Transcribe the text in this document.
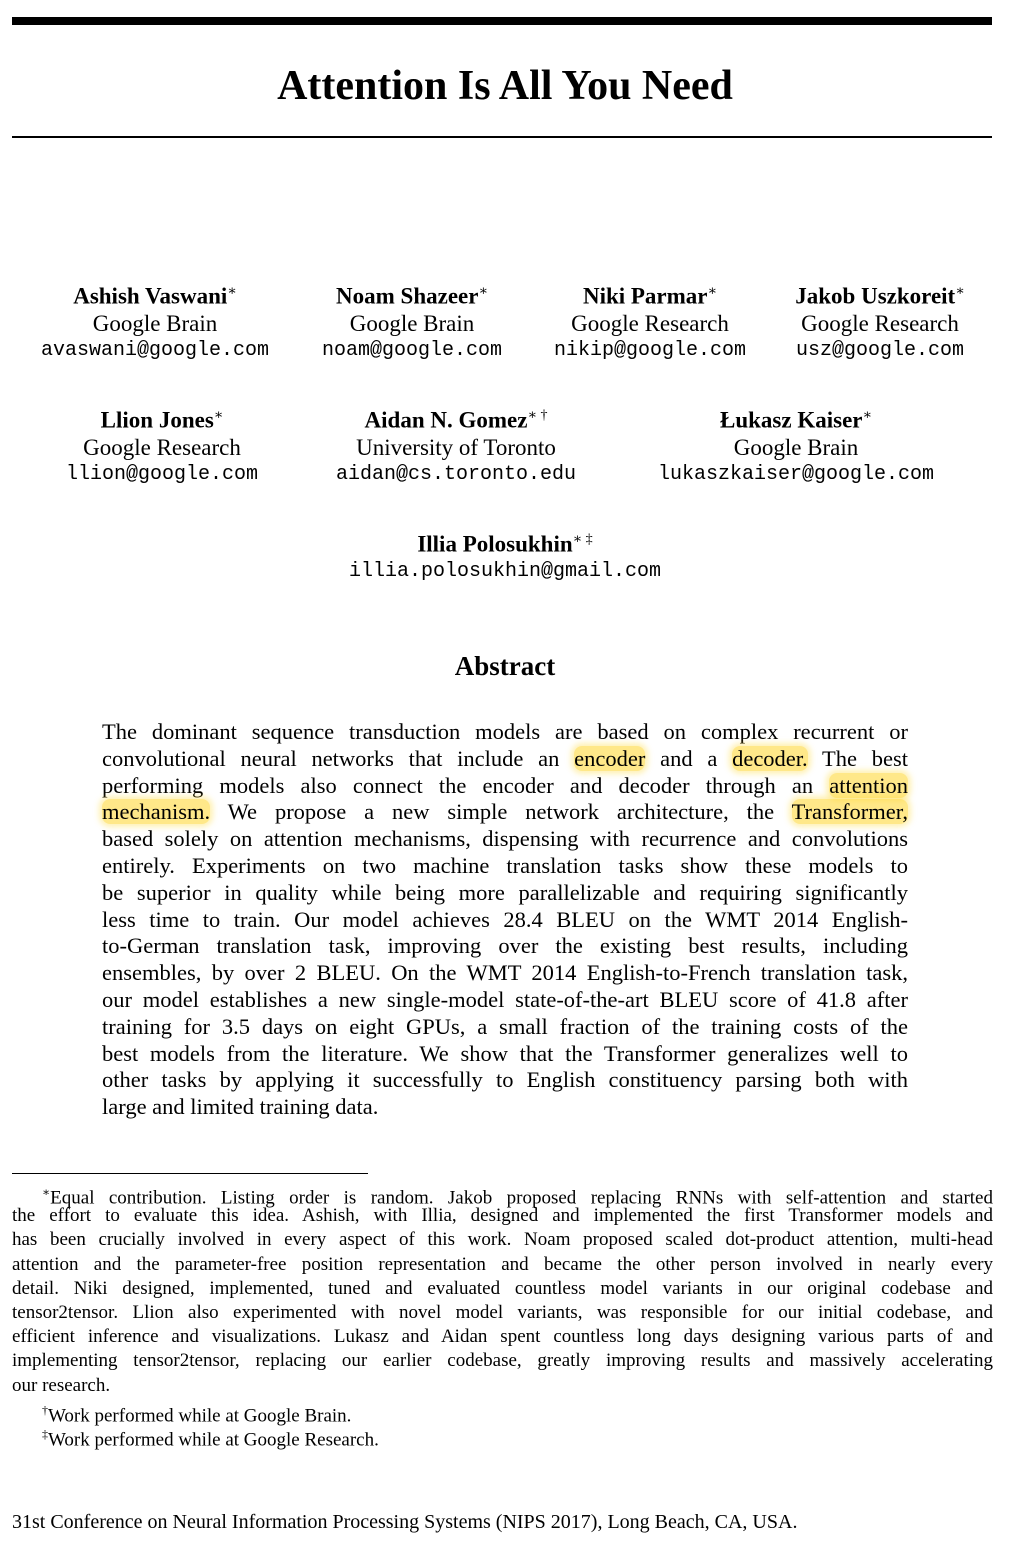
Attention Is All You Need
Ashish Vaswani∗
Google Brain
avaswani@google.com
Noam Shazeer∗
Google Brain
noam@google.com
Niki Parmar∗
Google Research
nikip@google.com
Jakob Uszkoreit∗
Google Research
usz@google.com
Llion Jones∗
Google Research
llion@google.com
Aidan N. Gomez∗ †
University of Toronto
aidan@cs.toronto.edu
Łukasz Kaiser∗
Google Brain
lukaszkaiser@google.com
Illia Polosukhin∗ ‡
illia.polosukhin@gmail.com
Abstract
The dominant sequence transduction models are based on complex recurrent or
convolutional neural networks that include an encoder and a decoder. The best
performing models also connect the encoder and decoder through an attention
mechanism. We propose a new simple network architecture, the Transformer,
based solely on attention mechanisms, dispensing with recurrence and convolutions
entirely. Experiments on two machine translation tasks show these models to
be superior in quality while being more parallelizable and requiring significantly
less time to train. Our model achieves 28.4 BLEU on the WMT 2014 English-
to-German translation task, improving over the existing best results, including
ensembles, by over 2 BLEU. On the WMT 2014 English-to-French translation task,
our model establishes a new single-model state-of-the-art BLEU score of 41.8 after
training for 3.5 days on eight GPUs, a small fraction of the training costs of the
best models from the literature. We show that the Transformer generalizes well to
other tasks by applying it successfully to English constituency parsing both with
large and limited training data.
∗Equal contribution. Listing order is random. Jakob proposed replacing RNNs with self-attention and started
the effort to evaluate this idea. Ashish, with Illia, designed and implemented the first Transformer models and
has been crucially involved in every aspect of this work. Noam proposed scaled dot-product attention, multi-head
attention and the parameter-free position representation and became the other person involved in nearly every
detail. Niki designed, implemented, tuned and evaluated countless model variants in our original codebase and
tensor2tensor. Llion also experimented with novel model variants, was responsible for our initial codebase, and
efficient inference and visualizations. Lukasz and Aidan spent countless long days designing various parts of and
implementing tensor2tensor, replacing our earlier codebase, greatly improving results and massively accelerating
our research.
†Work performed while at Google Brain.
‡Work performed while at Google Research.
31st Conference on Neural Information Processing Systems (NIPS 2017), Long Beach, CA, USA.
